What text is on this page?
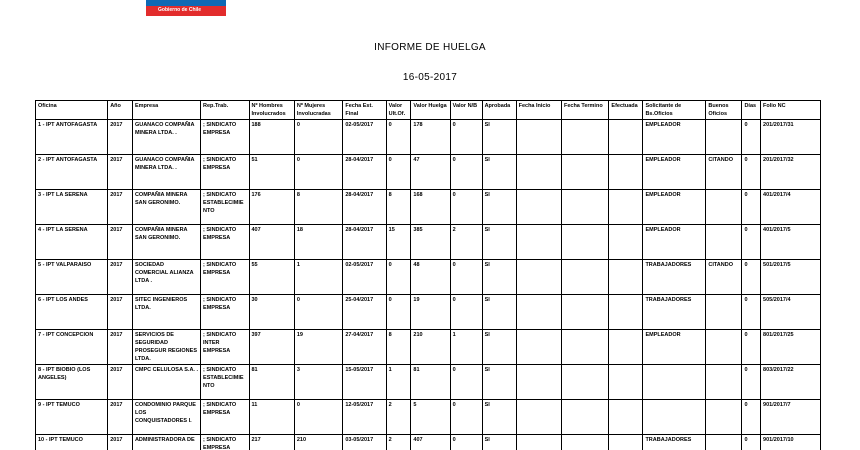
Gobierno de Chile
INFORME DE HUELGA
16-05-2017
Oficina	Año	Empresa	Rep.Trab.	Nº Hombres Involucrados	Nº Mujeres Involucradas	Fecha Est. Final	Valor Ult.Of.	Valor Huelga	Valor N/B	Aprobada	Fecha Inicio	Fecha Termino	Efectuada	Solicitante de Bs.Oficios	Buenos Oficios	Días	Folio NC
1 - IPT ANTOFAGASTA	2017	GUANACO COMPAÑIA MINERA LTDA. .	; SINDICATO EMPRESA	188	0	02-05/2017	0	178	0	SI				EMPLEADOR		0	201/2017/31
2 - IPT ANTOFAGASTA	2017	GUANACO COMPAÑIA MINERA LTDA. .	; SINDICATO EMPRESA	51	0	28-04/2017	0	47	0	SI				EMPLEADOR	CITANDO	0	201/2017/32
3 - IPT LA SERENA	2017	COMPAÑIA MINERA SAN GERONIMO.	; SINDICATO ESTABLECIMIENTO	176	8	28-04/2017	8	168	0	SI				EMPLEADOR		0	401/2017/4
4 - IPT LA SERENA	2017	COMPAÑIA MINERA SAN GERONIMO.	; SINDICATO EMPRESA	407	18	28-04/2017	15	385	2	SI				EMPLEADOR		0	401/2017/5
5 - IPT VALPARAISO	2017	SOCIEDAD COMERCIAL ALIANZA LTDA .	; SINDICATO EMPRESA	55	1	02-05/2017	0	48	0	SI				TRABAJADORES	CITANDO	0	501/2017/5
6 - IPT LOS ANDES	2017	SITEC INGENIEROS LTDA.	; SINDICATO EMPRESA	30	0	25-04/2017	0	19	0	SI				TRABAJADORES		0	505/2017/4
7 - IPT CONCEPCION	2017	SERVICIOS DE SEGURIDAD PROSEGUR REGIONES LTDA.	; SINDICATO INTER EMPRESA	397	19	27-04/2017	8	210	1	SI				EMPLEADOR		0	801/2017/25
8 - IPT BIOBIO (LOS ANGELES)	2017	CMPC CELULOSA S.A. .	; SINDICATO ESTABLECIMIENTO	81	3	15-05/2017	1	81	0	SI						0	803/2017/22
9 - IPT TEMUCO	2017	CONDOMINIO PARQUE LOS CONQUISTADORES I.	; SINDICATO EMPRESA	11	0	12-05/2017	2	5	0	SI						0	901/2017/7
10 - IPT TEMUCO	2017	ADMINISTRADORA DE	; SINDICATO EMPRESA	217	210	03-05/2017	2	407	0	SI				TRABAJADORES		0	901/2017/10
